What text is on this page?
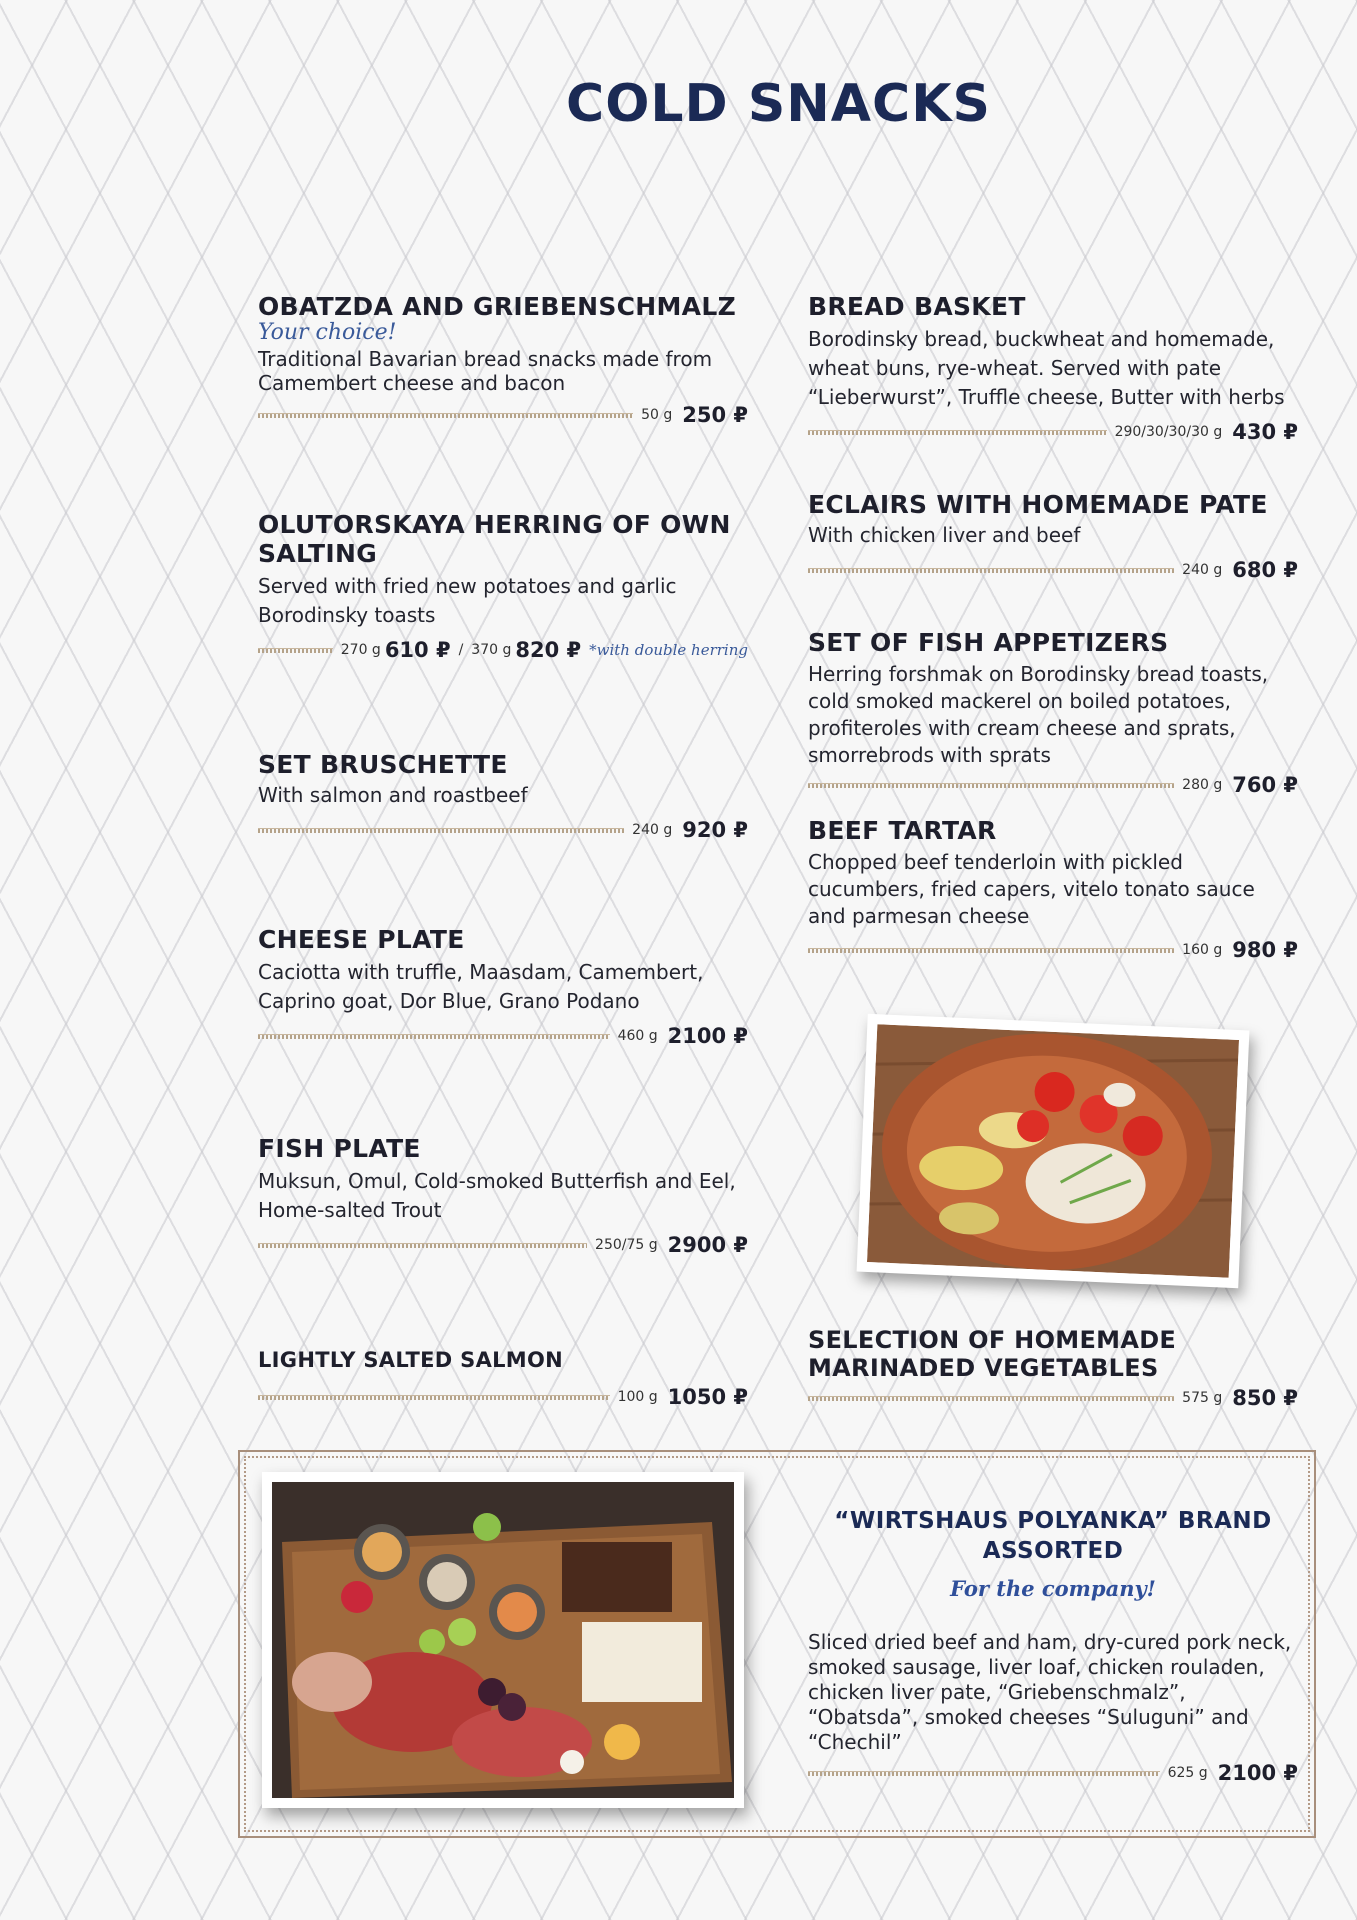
COLD SNACKS
OBATZDA AND GRIEBENSCHMALZ
Your choice!

Traditional Bavarian bread snacks made from Camembert cheese and bacon

50 g 250 ₽
OLUTORSKAYA HERRING OF OWN SALTING

Served with fried new potatoes and garlic Borodinsky toasts

270 g 610 ₽ / 370 g 820 ₽ *with double herring
SET BRUSCHETTE

With salmon and roastbeef

240 g 920 ₽
CHEESE PLATE

Caciotta with truffle, Maasdam, Camembert, Caprino goat, Dor Blue, Grano Podano

460 g 2100 ₽
FISH PLATE

Muksun, Omul, Cold-smoked Butterfish and Eel, Home-salted Trout

250/75 g 2900 ₽
LIGHTLY SALTED SALMON
100 g 1050 ₽
BREAD BASKET

Borodinsky bread, buckwheat and homemade, wheat buns, rye-wheat. Served with pate “Lieberwurst”, Truffle cheese, Butter with herbs

290/30/30/30 g 430 ₽
ECLAIRS WITH HOMEMADE PATE

With chicken liver and beef

240 g 680 ₽
SET OF FISH APPETIZERS

Herring forshmak on Borodinsky bread toasts, cold smoked mackerel on boiled potatoes, profiteroles with cream cheese and sprats, smorrebrods with sprats

280 g 760 ₽
BEEF TARTAR

Chopped beef tenderloin with pickled cucumbers, fried capers, vitelo tonato sauce and parmesan cheese

160 g 980 ₽
SELECTION OF HOMEMADE MARINADED VEGETABLES
575 g 850 ₽
“WIRTSHAUS POLYANKA” BRAND ASSORTED
For the company!

Sliced dried beef and ham, dry-cured pork neck, smoked sausage, liver loaf, chicken rouladen, chicken liver pate, “Griebenschmalz”, “Obatsda”, smoked cheeses “Suluguni” and “Chechil”

625 g 2100 ₽
